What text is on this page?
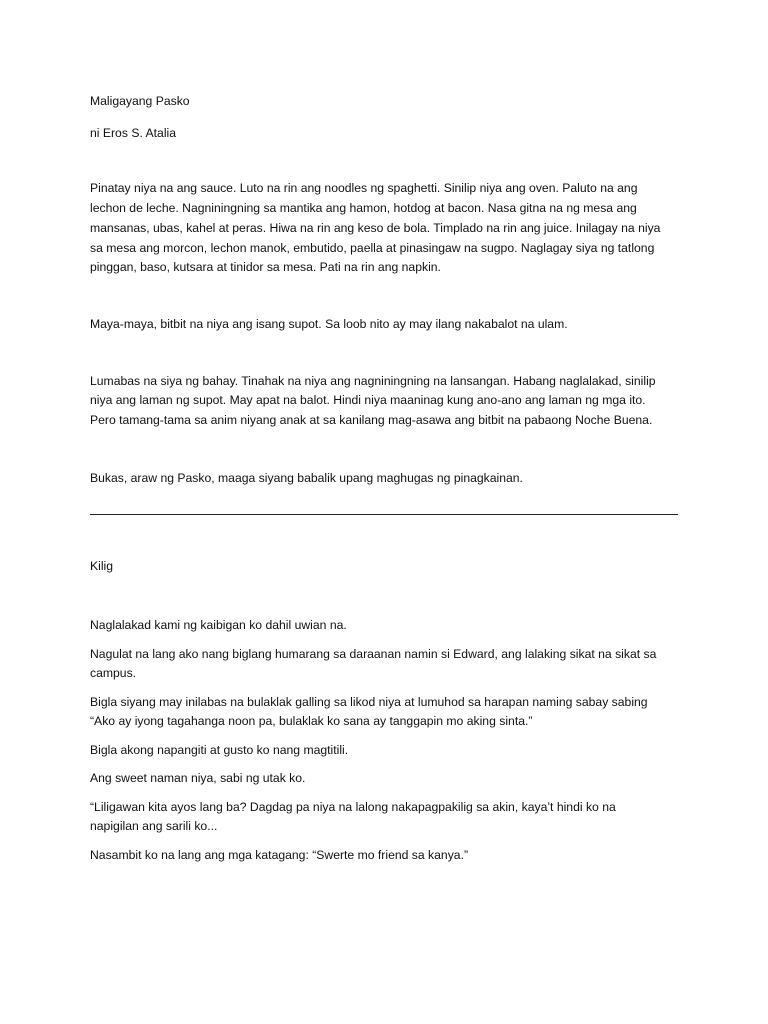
Maligayang Pasko

ni Eros S. Atalia

Pinatay niya na ang sauce. Luto na rin ang noodles ng spaghetti. Sinilip niya ang oven. Paluto na ang

lechon de leche. Nagniningning sa mantika ang hamon, hotdog at bacon. Nasa gitna na ng mesa ang

mansanas, ubas, kahel at peras. Hiwa na rin ang keso de bola. Timplado na rin ang juice. Inilagay na niya

sa mesa ang morcon, lechon manok, embutido, paella at pinasingaw na sugpo. Naglagay siya ng tatlong

pinggan, baso, kutsara at tinidor sa mesa. Pati na rin ang napkin.

Maya-maya, bitbit na niya ang isang supot. Sa loob nito ay may ilang nakabalot na ulam.

Lumabas na siya ng bahay. Tinahak na niya ang nagniningning na lansangan. Habang naglalakad, sinilip

niya ang laman ng supot. May apat na balot. Hindi niya maaninag kung ano-ano ang laman ng mga ito.

Pero tamang-tama sa anim niyang anak at sa kanilang mag-asawa ang bitbit na pabaong Noche Buena.

Bukas, araw ng Pasko, maaga siyang babalik upang maghugas ng pinagkainan.

Kilig

Naglalakad kami ng kaibigan ko dahil uwian na.

Nagulat na lang ako nang biglang humarang sa daraanan namin si Edward, ang lalaking sikat na sikat sa

campus.

Bigla siyang may inilabas na bulaklak galling sa likod niya at lumuhod sa harapan naming sabay sabing

“Ako ay iyong tagahanga noon pa, bulaklak ko sana ay tanggapin mo aking sinta.”

Bigla akong napangiti at gusto ko nang magtitili.

Ang sweet naman niya, sabi ng utak ko.

“Liligawan kita ayos lang ba? Dagdag pa niya na lalong nakapagpakilig sa akin, kaya’t hindi ko na

napigilan ang sarili ko...

Nasambit ko na lang ang mga katagang: “Swerte mo friend sa kanya.”
